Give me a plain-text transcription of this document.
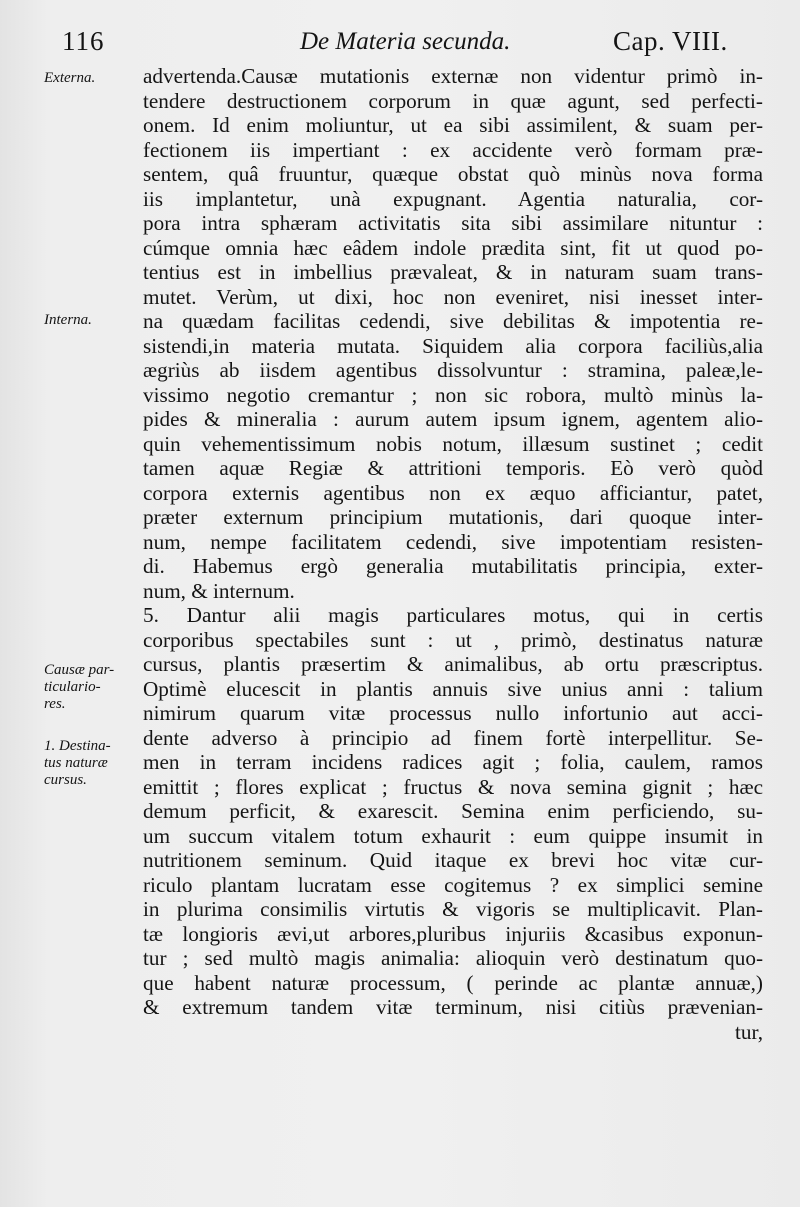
116	De Materia secunda.	Cap. VIII.
Externa.
Interna.
Causæ par-
ticulario-
res.
1. Destina-
tus naturæ
cursus.
advertenda.Causæ mutationis externæ non videntur primò in-
tendere destructionem corporum in quæ agunt, sed perfecti-
onem. Id enim moliuntur, ut ea sibi assimilent, & suam per-
fectionem iis impertiant : ex accidente verò formam præ-
sentem, quâ fruuntur, quæque obstat quò minùs nova forma
iis implantetur, unà expugnant. Agentia naturalia, cor-
pora intra sphæram activitatis sita sibi assimilare nituntur :
cúmque omnia hæc eâdem indole prædita sint, fit ut quod po-
tentius est in imbellius prævaleat, & in naturam suam trans-
mutet. Verùm, ut dixi, hoc non eveniret, nisi inesset inter-
na quædam facilitas cedendi, sive debilitas & impotentia re-
sistendi,in materia mutata. Siquidem alia corpora faciliùs,alia
ægriùs ab iisdem agentibus dissolvuntur : stramina, paleæ,le-
vissimo negotio cremantur ; non sic robora, multò minùs la-
pides & mineralia : aurum autem ipsum ignem, agentem alio-
quin vehementissimum nobis notum, illæsum sustinet ; cedit
tamen aquæ Regiæ & attritioni temporis. Eò verò quòd
corpora externis agentibus non ex æquo afficiantur, patet,
præter externum principium mutationis, dari quoque inter-
num, nempe facilitatem cedendi, sive impotentiam resisten-
di. Habemus ergò generalia mutabilitatis principia, exter-
num, & internum.
5. Dantur alii magis particulares motus, qui in certis
corporibus spectabiles sunt : ut , primò, destinatus naturæ
cursus, plantis præsertim & animalibus, ab ortu præscriptus.
Optimè elucescit in plantis annuis sive unius anni : talium
nimirum quarum vitæ processus nullo infortunio aut acci-
dente adverso à principio ad finem fortè interpellitur. Se-
men in terram incidens radices agit ; folia, caulem, ramos
emittit ; flores explicat ; fructus & nova semina gignit ; hæc
demum perficit, & exarescit. Semina enim perficiendo, su-
um succum vitalem totum exhaurit : eum quippe insumit in
nutritionem seminum. Quid itaque ex brevi hoc vitæ cur-
riculo plantam lucratam esse cogitemus ? ex simplici semine
in plurima consimilis virtutis & vigoris se multiplicavit. Plan-
tæ longioris ævi,ut arbores,pluribus injuriis &casibus exponun-
tur ; sed multò magis animalia: alioquin verò destinatum quo-
que habent naturæ processum, ( perinde ac plantæ annuæ,)
& extremum tandem vitæ terminum, nisi citiùs prævenian-
tur,
